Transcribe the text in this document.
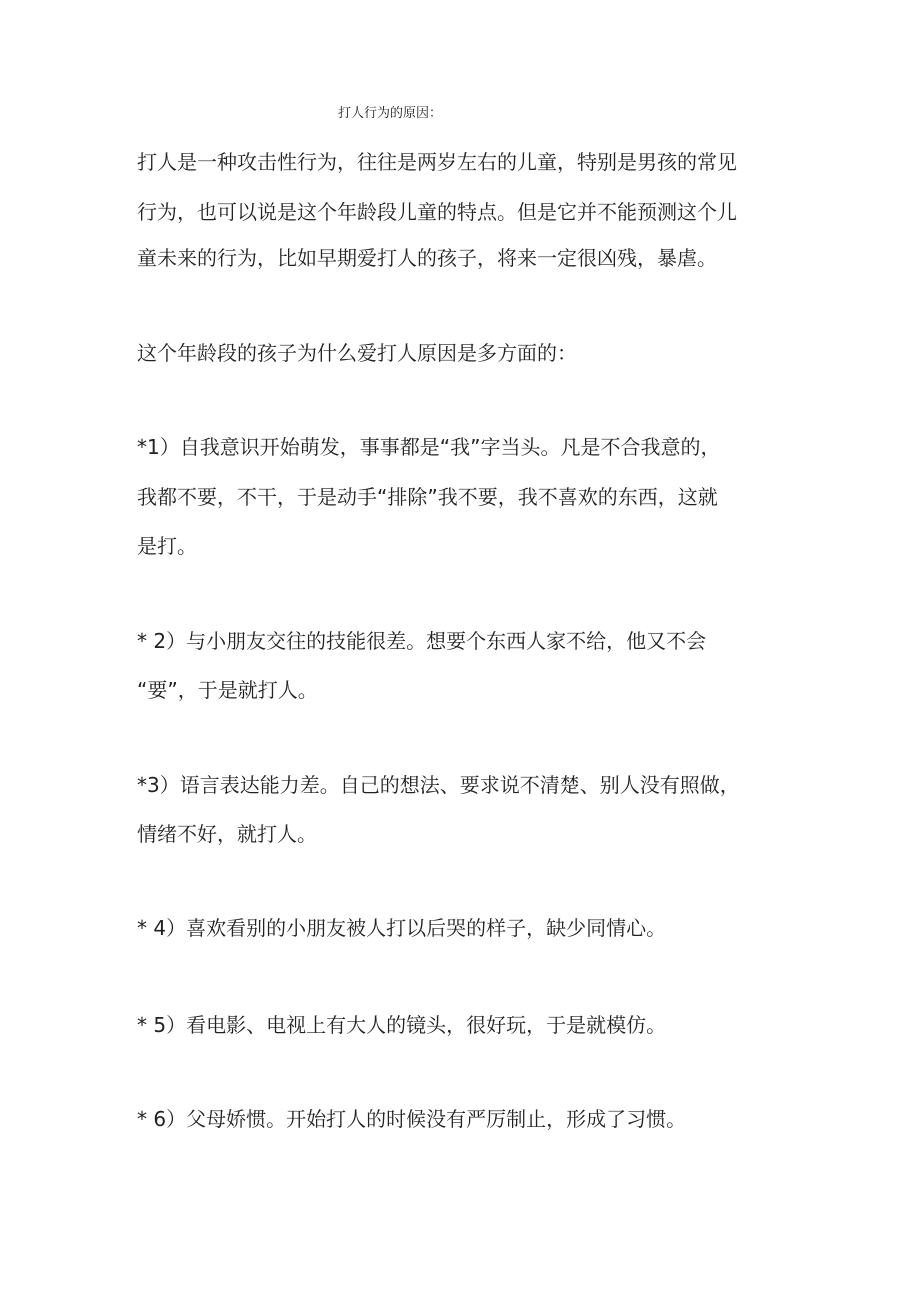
打人行为的原因：
打人是一种攻击性行为，往往是两岁左右的儿童，特别是男孩的常见
行为，也可以说是这个年龄段儿童的特点。但是它并不能预测这个儿
童未来的行为，比如早期爱打人的孩子，将来一定很凶残，暴虐。
这个年龄段的孩子为什么爱打人原因是多方面的：
*1）自我意识开始萌发，事事都是“我”字当头。凡是不合我意的，
我都不要，不干，于是动手“排除”我不要，我不喜欢的东西，这就
是打。
* 2）与小朋友交往的技能很差。想要个东西人家不给，他又不会
“要”，于是就打人。
*3）语言表达能力差。自己的想法、要求说不清楚、别人没有照做，
情绪不好，就打人。
* 4）喜欢看别的小朋友被人打以后哭的样子，缺少同情心。
* 5）看电影、电视上有大人的镜头，很好玩，于是就模仿。
* 6）父母娇惯。开始打人的时候没有严厉制止，形成了习惯。
